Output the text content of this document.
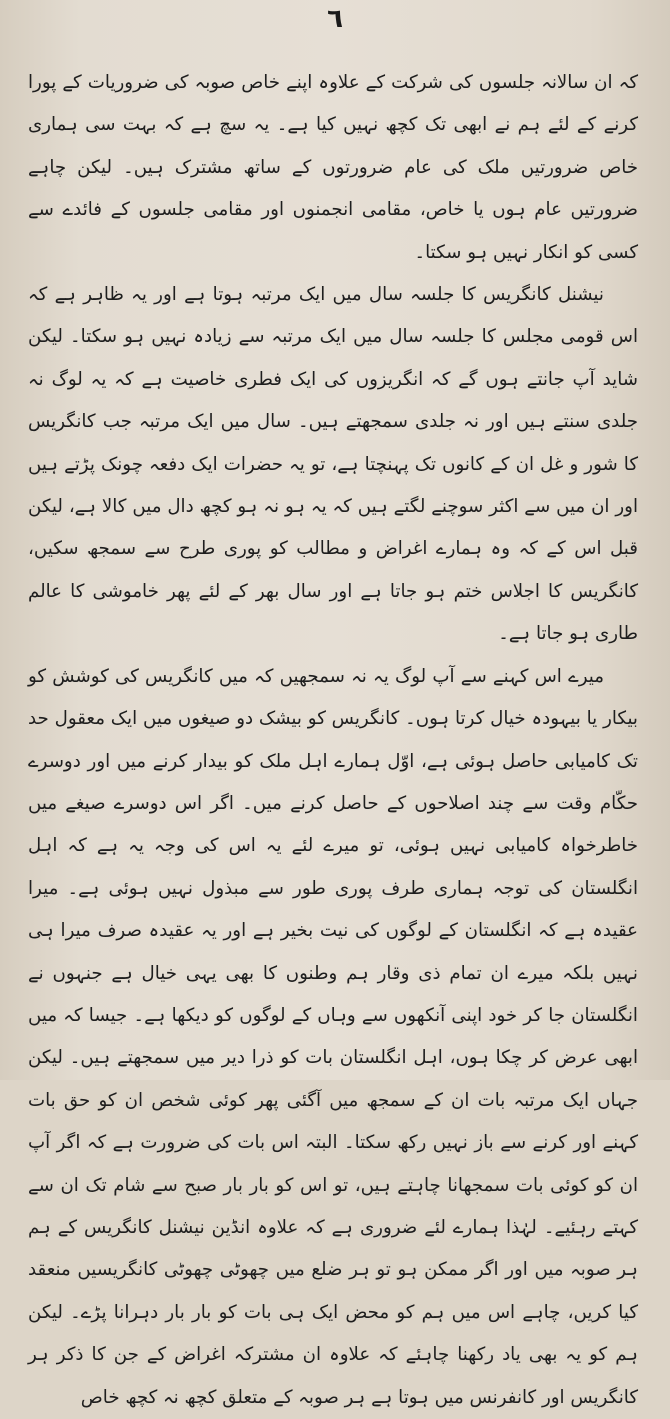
٦

کہ ان سالانہ جلسوں کی شرکت کے علاوہ اپنے خاص صوبہ کی ضروریات کے پورا کرنے کے لئے ہم نے ابھی تک کچھ نہیں کیا ہے۔ یہ سچ ہے کہ بہت سی ہماری خاص ضرورتیں ملک کی عام ضرورتوں کے ساتھ مشترک ہیں۔ لیکن چاہے ضرورتیں عام ہوں یا خاص، مقامی انجمنوں اور مقامی جلسوں کے فائدے سے کسی کو انکار نہیں ہو سکتا۔

نیشنل کانگریس کا جلسہ سال میں ایک مرتبہ ہوتا ہے اور یہ ظاہر ہے کہ اس قومی مجلس کا جلسہ سال میں ایک مرتبہ سے زیادہ نہیں ہو سکتا۔ لیکن شاید آپ جانتے ہوں گے کہ انگریزوں کی ایک فطری خاصیت ہے کہ یہ لوگ نہ جلدی سنتے ہیں اور نہ جلدی سمجھتے ہیں۔ سال میں ایک مرتبہ جب کانگریس کا شور و غل ان کے کانوں تک پہنچتا ہے، تو یہ حضرات ایک دفعہ چونک پڑتے ہیں اور ان میں سے اکثر سوچنے لگتے ہیں کہ یہ ہو نہ ہو کچھ دال میں کالا ہے، لیکن قبل اس کے کہ وہ ہمارے اغراض و مطالب کو پوری طرح سے سمجھ سکیں، کانگریس کا اجلاس ختم ہو جاتا ہے اور سال بھر کے لئے پھر خاموشی کا عالم طاری ہو جاتا ہے۔

میرے اس کہنے سے آپ لوگ یہ نہ سمجھیں کہ میں کانگریس کی کوشش کو بیکار یا بیہودہ خیال کرتا ہوں۔ کانگریس کو بیشک دو صیغوں میں ایک معقول حد تک کامیابی حاصل ہوئی ہے، اوّل ہمارے اہل ملک کو بیدار کرنے میں اور دوسرے حکّام وقت سے چند اصلاحوں کے حاصل کرنے میں۔ اگر اس دوسرے صیغے میں خاطرخواہ کامیابی نہیں ہوئی، تو میرے لئے یہ اس کی وجہ یہ ہے کہ اہل انگلستان کی توجہ ہماری طرف پوری طور سے مبذول نہیں ہوئی ہے۔ میرا عقیدہ ہے کہ انگلستان کے لوگوں کی نیت بخیر ہے اور یہ عقیدہ صرف میرا ہی نہیں بلکہ میرے ان تمام ذی وقار ہم وطنوں کا بھی یہی خیال ہے جنہوں نے انگلستان جا کر خود اپنی آنکھوں سے وہاں کے لوگوں کو دیکھا ہے۔ جیسا کہ میں ابھی عرض کر چکا ہوں، اہل انگلستان بات کو ذرا دیر میں سمجھتے ہیں۔ لیکن جہاں ایک مرتبہ بات ان کے سمجھ میں آگئی پھر کوئی شخص ان کو حق بات کہنے اور کرنے سے باز نہیں رکھ سکتا۔ البتہ اس بات کی ضرورت ہے کہ اگر آپ ان کو کوئی بات سمجھانا چاہتے ہیں، تو اس کو بار بار صبح سے شام تک ان سے کہتے رہئیے۔ لہٰذا ہمارے لئے ضروری ہے کہ علاوہ انڈین نیشنل کانگریس کے ہم ہر صوبہ میں اور اگر ممکن ہو تو ہر ضلع میں چھوٹی چھوٹی کانگریسیں منعقد کیا کریں، چاہے اس میں ہم کو محض ایک ہی بات کو بار بار دہرانا پڑے۔ لیکن ہم کو یہ بھی یاد رکھنا چاہئے کہ علاوہ ان مشترکہ اغراض کے جن کا ذکر ہر کانگریس اور کانفرنس میں ہوتا ہے ہر صوبہ کے متعلق کچھ نہ کچھ خاص
